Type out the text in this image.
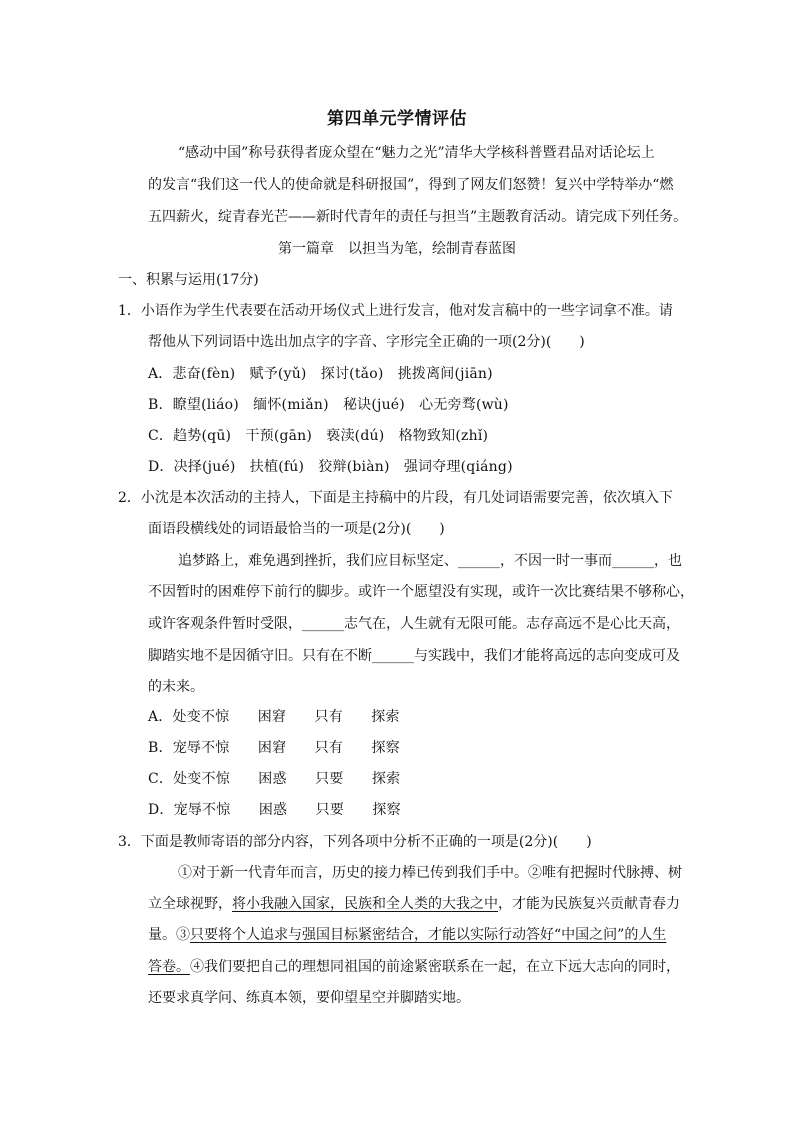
第四单元学情评估
“感动中国”称号获得者庞众望在“魅力之光”清华大学核科普暨君品对话论坛上
的发言“我们这一代人的使命就是科研报国”，得到了网友们怒赞！复兴中学特举办“燃
五四薪火，绽青春光芒——新时代青年的责任与担当”主题教育活动。请完成下列任务。
第一篇章　以担当为笔，绘制青春蓝图
一、积累与运用(17分)
1．小语作为学生代表要在活动开场仪式上进行发言，他对发言稿中的一些字词拿不准。请
帮他从下列词语中选出加点字的字音、字形完全正确的一项(2分)(　　)
A．悲奋(fèn)　赋予(yǔ)　探讨(tǎo)　挑拨离间(jiān)
B．瞭望(liáo)　缅怀(miǎn)　秘诀(jué)　心无旁骛(wù)
C．趋势(qū)　干预(gān)　亵渎(dú)　格物致知(zhǐ)
D．决择(jué)　扶植(fú)　狡辩(biàn)　强词夺理(qiáng)
2．小沈是本次活动的主持人，下面是主持稿中的片段，有几处词语需要完善，依次填入下
面语段横线处的词语最恰当的一项是(2分)(　　)
追梦路上，难免遇到挫折，我们应目标坚定、______，不因一时一事而______，也
不因暂时的困难停下前行的脚步。或许一个愿望没有实现，或许一次比赛结果不够称心，
或许客观条件暂时受限，______志气在，人生就有无限可能。志存高远不是心比天高，
脚踏实地不是因循守旧。只有在不断______与实践中，我们才能将高远的志向变成可及
的未来。
A．处变不惊　　困窘　　只有　　探索
B．宠辱不惊　　困窘　　只有　　探察
C．处变不惊　　困惑　　只要　　探索
D．宠辱不惊　　困惑　　只要　　探察
3．下面是教师寄语的部分内容，下列各项中分析不正确的一项是(2分)(　　)
①对于新一代青年而言，历史的接力棒已传到我们手中。②唯有把握时代脉搏、树
立全球视野，将小我融入国家，民族和全人类的大我之中，才能为民族复兴贡献青春力
量。③只要将个人追求与强国目标紧密结合，才能以实际行动答好“中国之问”的人生
答卷。④我们要把自己的理想同祖国的前途紧密联系在一起，在立下远大志向的同时，
还要求真学问、练真本领，要仰望星空并脚踏实地。
